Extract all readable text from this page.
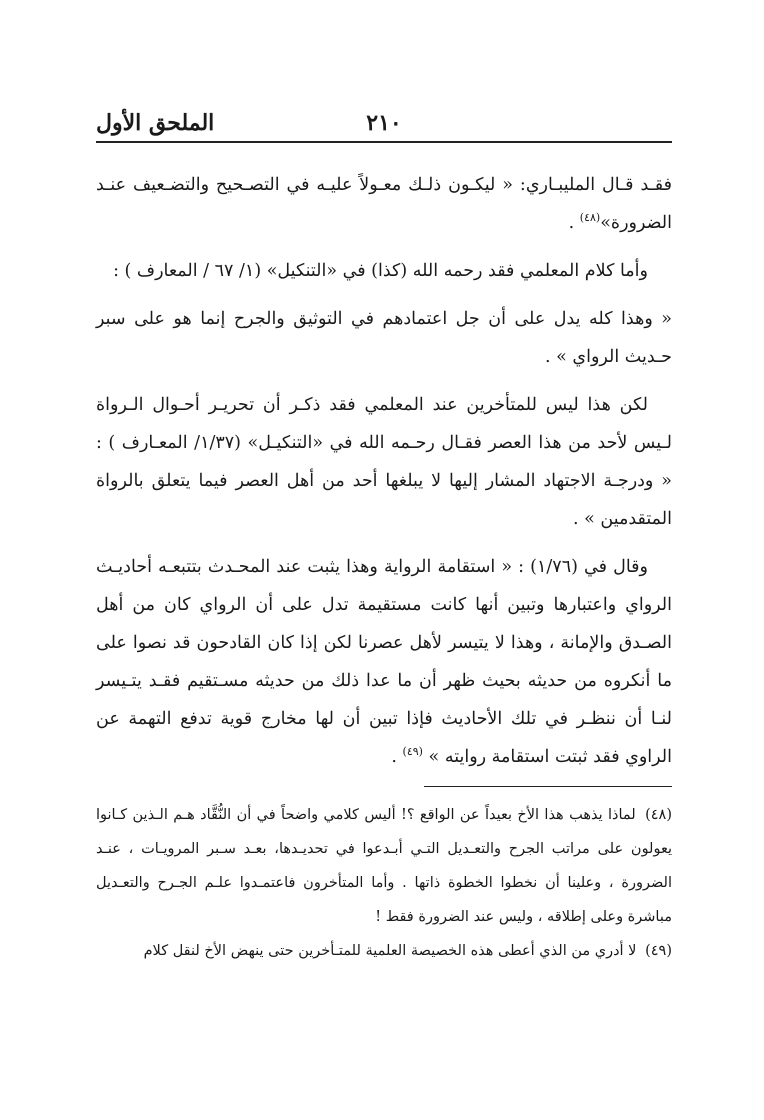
الملحق الأول	٢١٠

فقـد قـال المليبـاري: « ليكـون ذلـك معـولاً عليـه في التصـحيح والتضـعيف عنـد الضرورة»$^{(٤٨)}$ .

وأما كلام المعلمي فقد رحمه الله (كذا) في «التنكيل» (١/ ٦٧ / المعارف ) :

« وهذا كله يدل على أن جل اعتمادهم في التوثيق والجرح إنما هو على سبر حـديث الرواي » .

لكن هذا ليس للمتأخرين عند المعلمي فقد ذكـر أن تحريـر أحـوال الـرواة لـيس لأحد من هذا العصر فقـال رحـمه الله في «التنكيـل» (١/٣٧/ المعـارف ) : « ودرجـة الاجتهاد المشار إليها لا يبلغها أحد من أهل العصر فيما يتعلق بالرواة المتقدمين » .

وقال في (١/٧٦) : « استقامة الرواية وهذا يثبت عند المحـدث بتتبعـه أحاديـث الرواي واعتبارها وتبين أنها كانت مستقيمة تدل على أن الرواي كان من أهل الصـدق والإمانة ، وهذا لا يتيسر لأهل عصرنا لكن إذا كان القادحون قد نصوا على ما أنكروه من حديثه بحيث ظهر أن ما عدا ذلك من حديثه مسـتقيم فقـد يتـيسر لنـا أن ننظـر في تلك الأحاديث فإذا تبين أن لها مخارج قوية تدفع التهمة عن الراوي فقد ثبتت استقامة روايته » $^{(٤٩)}$ .

(٤٨) لماذا يذهب هذا الأخ بعيداً عن الواقع ؟! أليس كلامي واضحاً في أن النُّقَّاد هـم الـذين كـانوا يعولون على مراتب الجرح والتعـديل التـي أبـدعوا في تحديـدها، بعـد سـبر المرويـات ، عنـد الضرورة ، وعلينا أن نخطوا الخطوة ذاتها . وأما المتأخرون فاعتمـدوا علـم الجـرح والتعـديل مباشرة وعلى إطلاقه ، وليس عند الضرورة فقط !

(٤٩) لا أدري من الذي أعطى هذه الخصيصة العلمية للمتـأخرين حتى ينهض الأخ لنقل كلام
